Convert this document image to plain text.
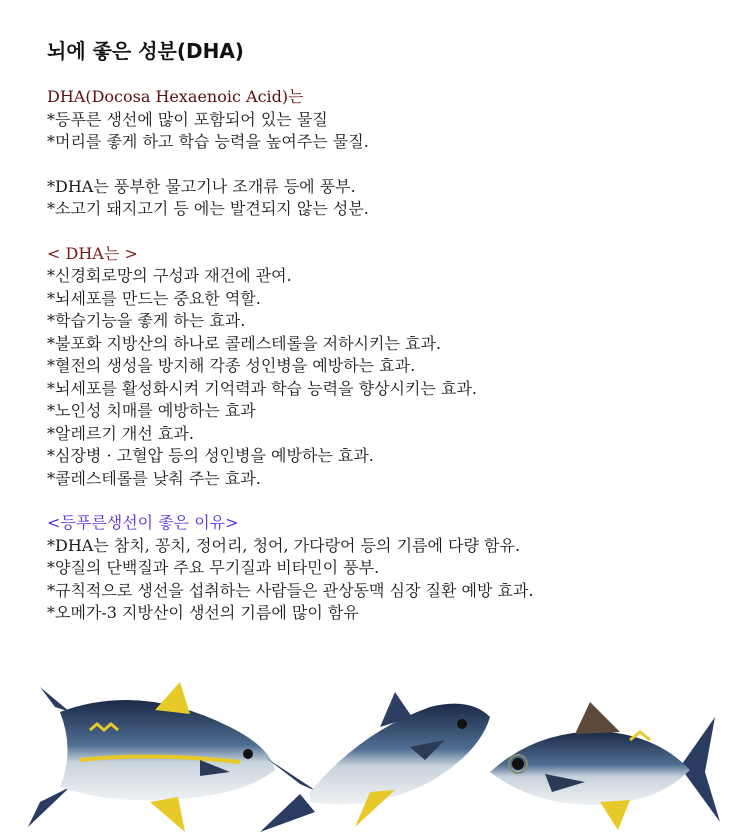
뇌에 좋은 성분(DHA)

DHA(Docosa Hexaenoic Acid)는

*등푸른 생선에 많이 포함되어 있는 물질
*머리를 좋게 하고 학습 능력을 높여주는 물질.
*DHA는 풍부한 물고기나 조개류 등에 풍부.
*소고기 돼지고기 등 에는 발견되지 않는 성분.

< DHA는 >

*신경회로망의 구성과 재건에 관여.
*뇌세포를 만드는 중요한 역할.
*학습기능을 좋게 하는 효과.
*불포화 지방산의 하나로 콜레스테롤을 저하시키는 효과.
*혈전의 생성을 방지해 각종 성인병을 예방하는 효과.
*뇌세포를 활성화시켜 기억력과 학습 능력을 향상시키는 효과.
*노인성 치매를 예방하는 효과
*알레르기 개선 효과.
*심장병 · 고혈압 등의 성인병을 예방하는 효과.
*콜레스테롤를 낮춰 주는 효과.

<등푸른생선이 좋은 이유>

*DHA는 참치, 꽁치, 정어리, 청어, 가다랑어 등의 기름에 다량 함유.
*양질의 단백질과 주요 무기질과 비타민이 풍부.
*규칙적으로 생선을 섭취하는 사람들은 관상동맥 심장 질환 예방 효과.
*오메가-3 지방산이 생선의 기름에 많이 함유
